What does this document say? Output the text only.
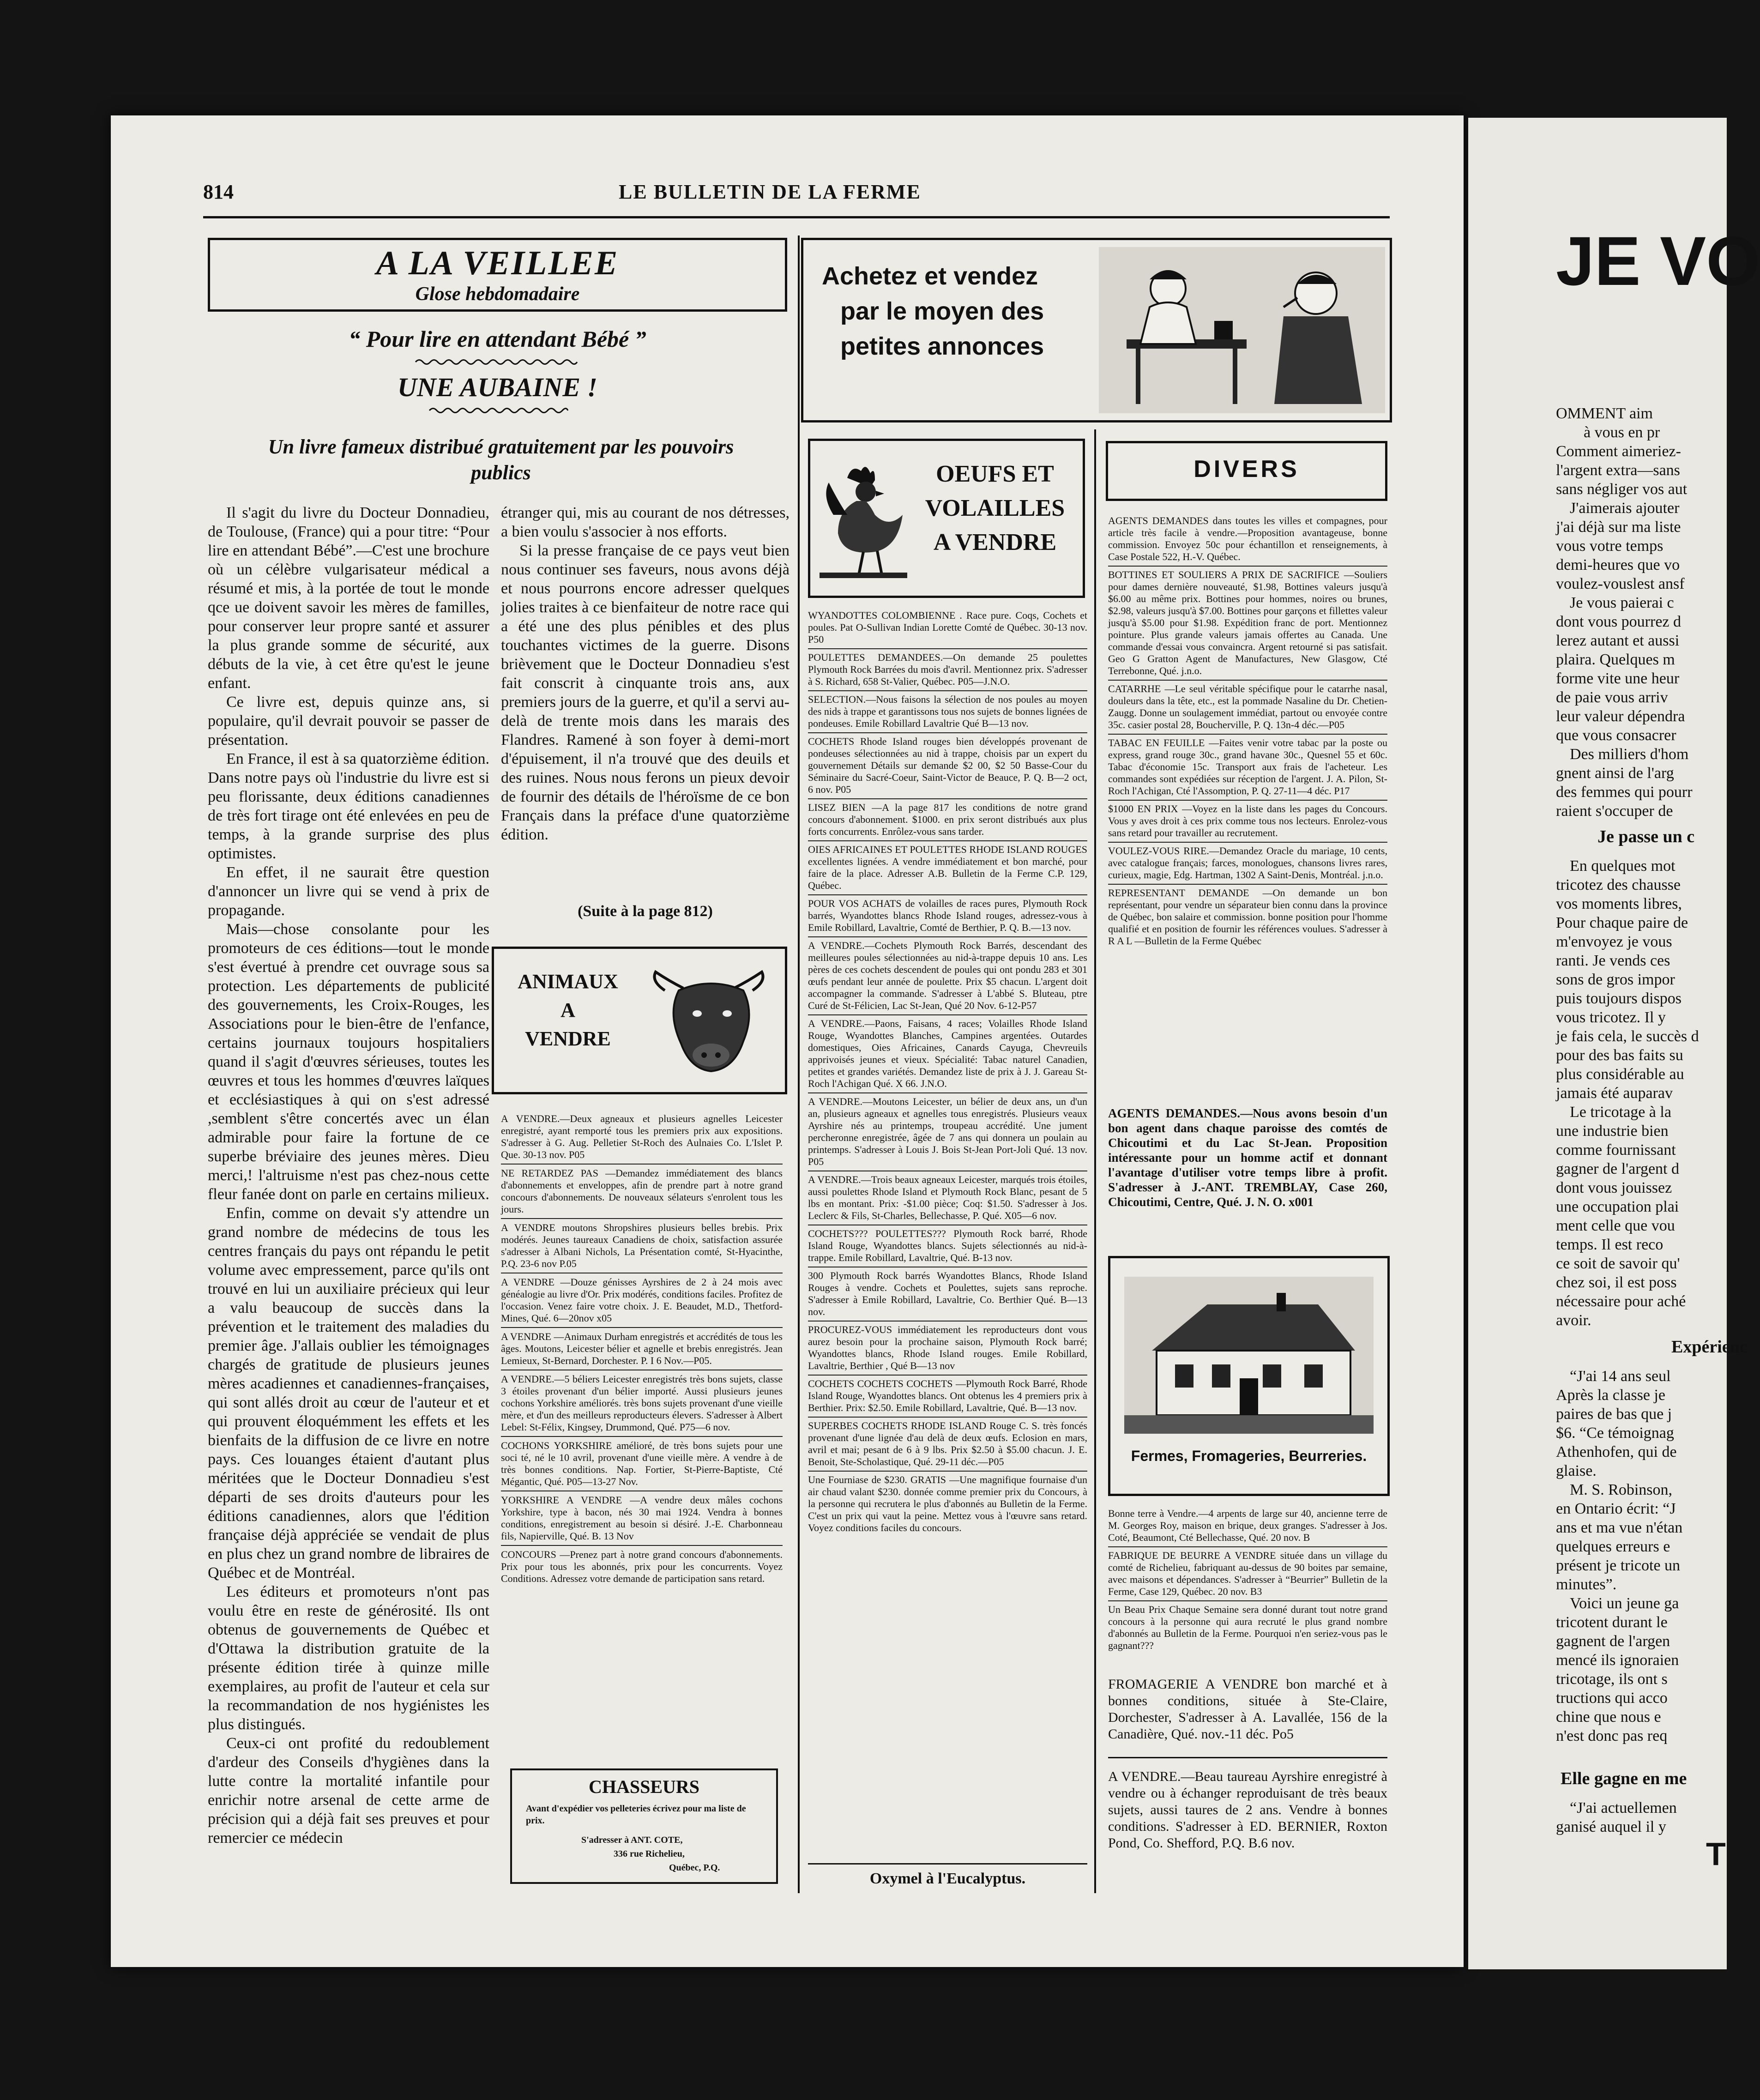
814	LE BULLETIN DE LA FERME
A LA VEILLEE
Glose hebdomadaire
“ Pour lire en attendant Bébé ”
UNE AUBAINE !
Un livre fameux distribué gratuitement par les pouvoirs publics

Il s'agit du livre du Docteur Donnadieu, de Toulouse, (France) qui a pour titre: “Pour lire en attendant Bébé”.—C'est une brochure où un célèbre vulgarisateur médical a résumé et mis, à la portée de tout le monde qce ue doivent savoir les mères de familles, pour conserver leur propre santé et assurer la plus grande somme de sécurité, aux débuts de la vie, à cet être qu'est le jeune enfant.

Ce livre est, depuis quinze ans, si populaire, qu'il devrait pouvoir se passer de présentation.

En France, il est à sa quatorzième édition. Dans notre pays où l'industrie du livre est si peu florissante, deux éditions canadiennes de très fort tirage ont été enlevées en peu de temps, à la grande surprise des plus optimistes.

En effet, il ne saurait être question d'annoncer un livre qui se vend à prix de propagande.

Mais—chose consolante pour les promoteurs de ces éditions—tout le monde s'est évertué à prendre cet ouvrage sous sa protection. Les départements de publicité des gouvernements, les Croix-Rouges, les Associations pour le bien-être de l'enfance, certains journaux toujours hospitaliers quand il s'agit d'œuvres sérieuses, toutes les œuvres et tous les hommes d'œuvres laïques et ecclésiastiques à qui on s'est adressé ,semblent s'être concertés avec un élan admirable pour faire la fortune de ce superbe bréviaire des jeunes mères. Dieu merci,! l'altruisme n'est pas chez-nous cette fleur fanée dont on parle en certains milieux.

Enfin, comme on devait s'y attendre un grand nombre de médecins de tous les centres français du pays ont répandu le petit volume avec empressement, parce qu'ils ont trouvé en lui un auxiliaire précieux qui leur a valu beaucoup de succès dans la prévention et le traitement des maladies du premier âge. J'allais oublier les témoignages chargés de gratitude de plusieurs jeunes mères acadiennes et canadiennes-françaises, qui sont allés droit au cœur de l'auteur et et qui prouvent éloquémment les effets et les bienfaits de la diffusion de ce livre en notre pays. Ces louanges étaient d'autant plus méritées que le Docteur Donnadieu s'est départi de ses droits d'auteurs pour les éditions canadiennes, alors que l'édition française déjà appréciée se vendait de plus en plus chez un grand nombre de libraires de Québec et de Montréal.

Les éditeurs et promoteurs n'ont pas voulu être en reste de générosité. Ils ont obtenus de gouvernements de Québec et d'Ottawa la distribution gratuite de la présente édition tirée à quinze mille exemplaires, au profit de l'auteur et cela sur la recommandation de nos hygiénistes les plus distingués.

Ceux-ci ont profité du redoublement d'ardeur des Conseils d'hygiènes dans la lutte contre la mortalité infantile pour enrichir notre arsenal de cette arme de précision qui a déjà fait ses preuves et pour remercier ce médecin

étranger qui, mis au courant de nos détresses, a bien voulu s'associer à nos efforts.

Si la presse française de ce pays veut bien nous continuer ses faveurs, nous avons déjà et nous pourrons encore adresser quelques jolies traites à ce bienfaiteur de notre race qui a été une des plus pénibles et des plus touchantes victimes de la guerre. Disons brièvement que le Docteur Donnadieu s'est fait conscrit à cinquante trois ans, aux premiers jours de la guerre, et qu'il a servi au-delà de trente mois dans les marais des Flandres. Ramené à son foyer à demi-mort d'épuisement, il n'a trouvé que des deuils et des ruines. Nous nous ferons un pieux devoir de fournir des détails de l'héroïsme de ce bon Français dans la préface d'une quatorzième édition.

(Suite à la page 812)
ANIMAUX
A
VENDRE

A VENDRE.—Deux agneaux et plusieurs agnelles Leicester enregistré, ayant remporté tous les premiers prix aux expositions. S'adresser à G. Aug. Pelletier St-Roch des Aulnaies Co. L'Islet P. Que. 30-13 nov. P05

NE RETARDEZ PAS —Demandez immédiatement des blancs d'abonnements et enveloppes, afin de prendre part à notre grand concours d'abonnements. De nouveaux sélateurs s'enrolent tous les jours.

A VENDRE moutons Shropshires plusieurs belles brebis. Prix modérés. Jeunes taureaux Canadiens de choix, satisfaction assurée s'adresser à Albani Nichols, La Présentation comté, St-Hyacinthe, P.Q. 23-6 nov P.05

A VENDRE —Douze génisses Ayrshires de 2 à 24 mois avec généalogie au livre d'Or. Prix modérés, conditions faciles. Profitez de l'occasion. Venez faire votre choix. J. E. Beaudet, M.D., Thetford-Mines, Qué. 6—20nov x05

A VENDRE —Animaux Durham enregistrés et accrédités de tous les âges. Moutons, Leicester bélier et agnelle et brebis enregistrés. Jean Lemieux, St-Bernard, Dorchester. P. I 6 Nov.—P05.

A VENDRE.—5 béliers Leicester enregistrés très bons sujets, classe 3 étoiles provenant d'un bélier importé. Aussi plusieurs jeunes cochons Yorkshire améliorés. très bons sujets provenant d'une vieille mère, et d'un des meilleurs reproducteurs élevers. S'adresser à Albert Lebel: St-Félix, Kingsey, Drummond, Qué. P75—6 nov.

COCHONS YORKSHIRE amélioré, de très bons sujets pour une soci té, né le 10 avril, provenant d'une vieille mère. A vendre à de très bonnes conditions. Nap. Fortier, St-Pierre-Baptiste, Cté Mégantic, Qué. P05—13-27 Nov.

YORKSHIRE A VENDRE —A vendre deux mâles cochons Yorkshire, type à bacon, nés 30 mai 1924. Vendra à bonnes conditions, enregistrement au besoin si désiré. J.-E. Charbonneau fils, Napierville, Qué. B. 13 Nov

CONCOURS —Prenez part à notre grand concours d'abonnements. Prix pour tous les abonnés, prix pour les concurrents. Voyez Conditions. Adressez votre demande de participation sans retard.

CHASSEURS
Avant d'expédier vos pelleteries écrivez pour ma liste de prix.
S'adresser à ANT. COTE,
336 rue Richelieu,
Québec, P.Q.
Achetez et vendez
par le moyen des
petites annonces
OEUFS ET
VOLAILLES
A VENDRE

WYANDOTTES COLOMBIENNE . Race pure. Coqs, Cochets et poules. Pat O-Sullivan Indian Lorette Comté de Québec. 30-13 nov. P50

POULETTES DEMANDEES.—On demande 25 poulettes Plymouth Rock Barrées du mois d'avril. Mentionnez prix. S'adresser à S. Richard, 658 St-Valier, Québec. P05—J.N.O.

SELECTION.—Nous faisons la sélection de nos poules au moyen des nids à trappe et garantissons tous nos sujets de bonnes lignées de pondeuses. Emile Robillard Lavaltrie Qué B—13 nov.

COCHETS Rhode Island rouges bien développés provenant de pondeuses sélectionnées au nid à trappe, choisis par un expert du gouvernement Détails sur demande $2 00, $2 50 Basse-Cour du Séminaire du Sacré-Coeur, Saint-Victor de Beauce, P. Q. B—2 oct, 6 nov. P05

LISEZ BIEN —A la page 817 les conditions de notre grand concours d'abonnement. $1000. en prix seront distribués aux plus forts concurrents. Enrôlez-vous sans tarder.

OIES AFRICAINES ET POULETTES RHODE ISLAND ROUGES excellentes lignées. A vendre immédiatement et bon marché, pour faire de la place. Adresser A.B. Bulletin de la Ferme C.P. 129, Québec.

POUR VOS ACHATS de volailles de races pures, Plymouth Rock barrés, Wyandottes blancs Rhode Island rouges, adressez-vous à Emile Robillard, Lavaltrie, Comté de Berthier, P. Q. B.—13 nov.

A VENDRE.—Cochets Plymouth Rock Barrés, descendant des meilleures poules sélectionnées au nid-à-trappe depuis 10 ans. Les pères de ces cochets descendent de poules qui ont pondu 283 et 301 œufs pendant leur année de poulette. Prix $5 chacun. L'argent doit accompagner la commande. S'adresser à L'abbé S. Bluteau, ptre Curé de St-Félicien, Lac St-Jean, Qué 20 Nov. 6-12-P57

A VENDRE.—Paons, Faisans, 4 races; Volailles Rhode Island Rouge, Wyandottes Blanches, Campines argentées. Outardes domestiques, Oies Africaines, Canards Cayuga, Chevreuils apprivoisés jeunes et vieux. Spécialité: Tabac naturel Canadien, petites et grandes variétés. Demandez liste de prix à J. J. Gareau St-Roch l'Achigan Qué. X 66. J.N.O.

A VENDRE.—Moutons Leicester, un bélier de deux ans, un d'un an, plusieurs agneaux et agnelles tous enregistrés. Plusieurs veaux Ayrshire nés au printemps, troupeau accrédité. Une jument percheronne enregistrée, âgée de 7 ans qui donnera un poulain au printemps. S'adresser à Louis J. Bois St-Jean Port-Joli Qué. 13 nov. P05

A VENDRE.—Trois beaux agneaux Leicester, marqués trois étoiles, aussi poulettes Rhode Island et Plymouth Rock Blanc, pesant de 5 lbs en montant. Prix: -$1.00 pièce; Coq: $1.50. S'adresser à Jos. Leclerc & Fils, St-Charles, Bellechasse, P. Qué. X05—6 nov.

COCHETS??? POULETTES??? Plymouth Rock barré, Rhode Island Rouge, Wyandottes blancs. Sujets sélectionnés au nid-à-trappe. Emile Robillard, Lavaltrie, Qué. B-13 nov.

300 Plymouth Rock barrés Wyandottes Blancs, Rhode Island Rouges à vendre. Cochets et Poulettes, sujets sans reproche. S'adresser à Emile Robillard, Lavaltrie, Co. Berthier Qué. B—13 nov.

PROCUREZ-VOUS immédiatement les reproducteurs dont vous aurez besoin pour la prochaine saison, Plymouth Rock barré; Wyandottes blancs, Rhode Island rouges. Emile Robillard, Lavaltrie, Berthier , Qué B—13 nov

COCHETS COCHETS COCHETS —Plymouth Rock Barré, Rhode Island Rouge, Wyandottes blancs. Ont obtenus les 4 premiers prix à Berthier. Prix: $2.50. Emile Robillard, Lavaltrie, Qué. B—13 nov.

SUPERBES COCHETS RHODE ISLAND Rouge C. S. très foncés provenant d'une lignée d'au delà de deux œufs. Eclosion en mars, avril et mai; pesant de 6 à 9 lbs. Prix $2.50 à $5.00 chacun. J. E. Benoit, Ste-Scholastique, Qué. 29-11 déc.—P05

Une Fourniase de $230. GRATIS —Une magnifique fournaise d'un air chaud valant $230. donnée comme premier prix du Concours, à la personne qui recrutera le plus d'abonnés au Bulletin de la Ferme. C'est un prix qui vaut la peine. Mettez vous à l'œuvre sans retard. Voyez conditions faciles du concours.

Oxymel à l'Eucalyptus.
DIVERS

AGENTS DEMANDES dans toutes les villes et compagnes, pour article très facile à vendre.—Proposition avantageuse, bonne commission. Envoyez 50c pour échantillon et renseignements, à Case Postale 522, H.-V. Québec.

BOTTINES ET SOULIERS A PRIX DE SACRIFICE —Souliers pour dames dernière nouveauté, $1.98, Bottines valeurs jusqu'à $6.00 au même prix. Bottines pour hommes, noires ou brunes, $2.98, valeurs jusqu'à $7.00. Bottines pour garçons et fillettes valeur jusqu'à $5.00 pour $1.98. Expédition franc de port. Mentionnez pointure. Plus grande valeurs jamais offertes au Canada. Une commande d'essai vous convaincra. Argent retourné si pas satisfait. Geo G Gratton Agent de Manufactures, New Glasgow, Cté Terrebonne, Qué. j.n.o.

CATARRHE —Le seul véritable spécifique pour le catarrhe nasal, douleurs dans la tête, etc., est la pommade Nasaline du Dr. Chetien-Zaugg. Donne un soulagement immédiat, partout ou envoyée contre 35c. casier postal 28, Boucherville, P. Q. 13n-4 déc.—P05

TABAC EN FEUILLE —Faites venir votre tabac par la poste ou express, grand rouge 30c., grand havane 30c., Quesnel 55 et 60c. Tabac d'économie 15c. Transport aux frais de l'acheteur. Les commandes sont expédiées sur réception de l'argent. J. A. Pilon, St-Roch l'Achigan, Cté l'Assomption, P. Q. 27-11—4 déc. P17

$1000 EN PRIX —Voyez en la liste dans les pages du Concours. Vous y aves droit à ces prix comme tous nos lecteurs. Enrolez-vous sans retard pour travailler au recrutement.

VOULEZ-VOUS RIRE.—Demandez Oracle du mariage, 10 cents, avec catalogue français; farces, monologues, chansons livres rares, curieux, magie, Edg. Hartman, 1302 A Saint-Denis, Montréal. j.n.o.

REPRESENTANT DEMANDE —On demande un bon représentant, pour vendre un séparateur bien connu dans la province de Québec, bon salaire et commission. bonne position pour l'homme qualifié et en position de fournir les références voulues. S'adresser à R A L —Bulletin de la Ferme Québec

AGENTS DEMANDES.—Nous avons besoin d'un bon agent dans chaque paroisse des comtés de Chicoutimi et du Lac St-Jean. Proposition intéressante pour un homme actif et donnant l'avantage d'utiliser votre temps libre à profit. S'adresser à J.-ANT. TREMBLAY, Case 260, Chicoutimi, Centre, Qué. J. N. O. x001
Fermes, Fromageries, Beurreries.

Bonne terre à Vendre.—4 arpents de large sur 40, ancienne terre de M. Georges Roy, maison en brique, deux granges. S'adresser à Jos. Coté, Beaumont, Cté Bellechasse, Qué. 20 nov. B

FABRIQUE DE BEURRE A VENDRE située dans un village du comté de Richelieu, fabriquant au-dessus de 90 boites par semaine, avec maisons et dépendances. S'adresser à “Beurrier” Bulletin de la Ferme, Case 129, Québec. 20 nov. B3

Un Beau Prix Chaque Semaine sera donné durant tout notre grand concours à la personne qui aura recruté le plus grand nombre d'abonnés au Bulletin de la Ferme. Pourquoi n'en seriez-vous pas le gagnant???

FROMAGERIE A VENDRE bon marché et à bonnes conditions, située à Ste-Claire, Dorchester, S'adresser à A. Lavallée, 156 de la Canadière, Qué. nov.-11 déc. Po5
A VENDRE.—Beau taureau Ayrshire enregistré à vendre ou à échanger reproduisant de très beaux sujets, aussi taures de 2 ans. Vendre à bonnes conditions. S'adresser à ED. BERNIER, Roxton Pond, Co. Shefford, P.Q. B.6 nov.
JE VO

OMMENT aim

à vous en pr

Comment aimeriez-

l'argent extra—sans

sans négliger vos aut

J'aimerais ajouter

j'ai déjà sur ma liste

vous votre temps

demi-heures que vo

voulez-vouslest ansf

Je vous paierai c

dont vous pourrez d

lerez autant et aussi

plaira. Quelques m

forme vite une heur

de paie vous arriv

leur valeur dépendra

que vous consacrer

Des milliers d'hom

gnent ainsi de l'arg

des femmes qui pourr

raient s'occuper de

Je passe un c

En quelques mot

tricotez des chausse

vos moments libres,

Pour chaque paire de

m'envoyez je vous

ranti. Je vends ces

sons de gros impor

puis toujours dispos

vous tricotez. Il y

je fais cela, le succès d

pour des bas faits su

plus considérable au

jamais été auparav

Le tricotage à la

une industrie bien

comme fournissant

gagner de l'argent d

dont vous jouissez

une occupation plai

ment celle que vou

temps. Il est reco

ce soit de savoir qu'

chez soi, il est poss

nécessaire pour aché

avoir.

Expérienc

“J'ai 14 ans seul

Après la classe je

paires de bas que j

$6. “Ce témoignag

Athenhofen, qui de

glaise.

M. S. Robinson,

en Ontario écrit: “J

ans et ma vue n'étan

quelques erreurs e

présent je tricote un

minutes”.

Voici un jeune ga

tricotent durant le

gagnent de l'argen

mencé ils ignoraien

tricotage, ils ont s

tructions qui acco

chine que nous e

n'est donc pas req

Elle gagne en me

“J'ai actuellemen

ganisé auquel il y

T
